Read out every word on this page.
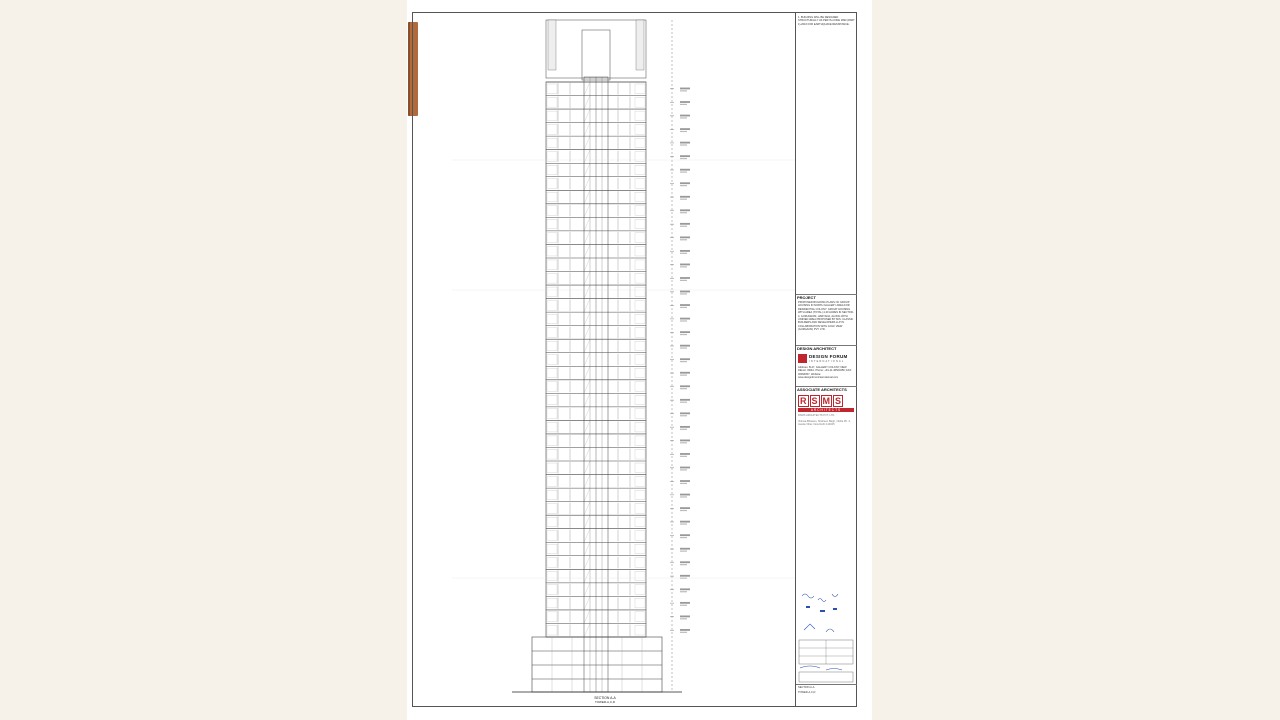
SECTION A-A
TOWER-A,C,D
1. BUILDING WILL BE DESIGNED STRUCTURALLY AS PER IS-CODE 1893 (PART 1)-2016 FOR EARTHQUAKE RESISTANCE.
PROJECT
PROPOSED BUILDING PLANS OF GROUP HOUSING IN NORTH GALLERY AREA FOR RESIDENTIAL COLONY: GROUP HOUSING WITH AREA (TOTAL) 4.40 ACRES IN SECTOR-4, GURUGRAM, HARYANA, ALONG WITH UNIFIED AREA PROPOSED BY M/S. CLASSIC BUILDERS AND DEVELOPERS LLP IN COLLABORATION WITH GOLF VIEW (GURGAON) PVT. LTD.
DESIGN ARCHITECT
DESIGN FORUM
INTERNATIONAL
Address: B-47, GALLERY COLONY, NEW DELHI, INDIA. Phone: +91-11-46523456; FAX: 46094057. Website: www.designforuminternational.com
ASSOCIATE ARCHITECTS
R S M S
ARCHITECTS
RSMS ARCHITECTS PVT. LTD.
Vishwa Bhawan, Shaheen Bagh, Okhla Ph. II, Jasola Vihar, New Delhi 110025
SECTION A-A
TOWER-A,C,D
